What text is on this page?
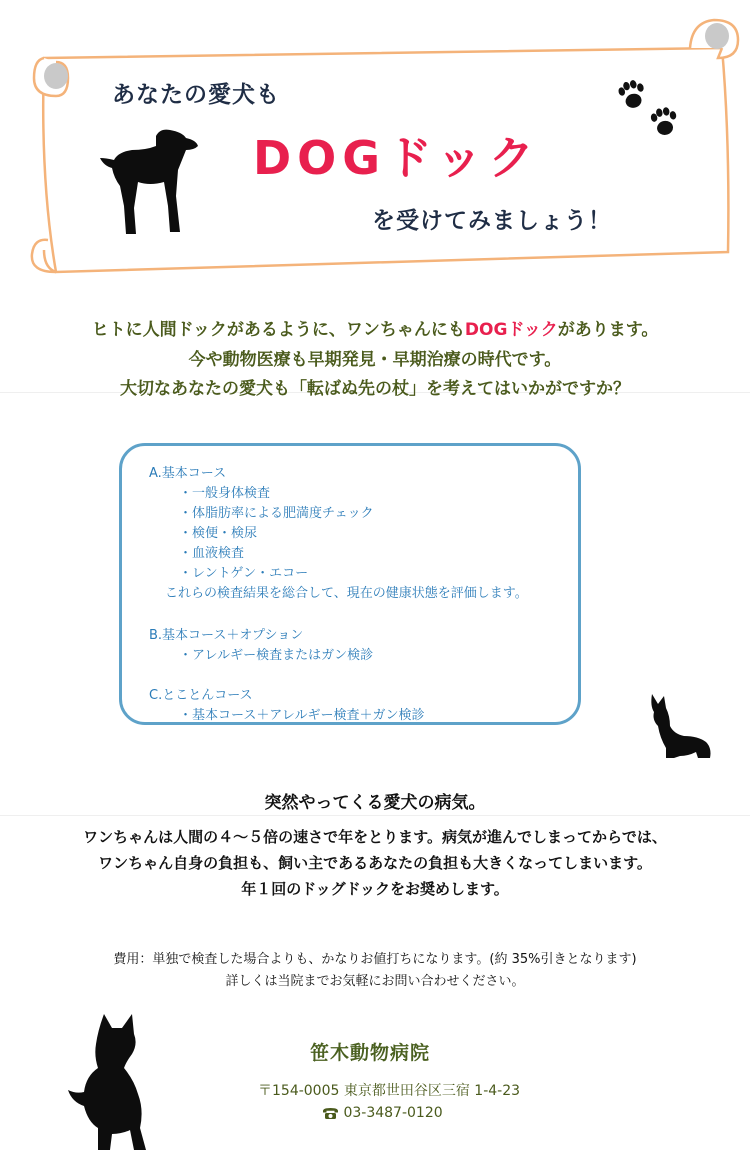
あなたの愛犬も
DOGドック
を受けてみましょう！
ヒトに人間ドックがあるように、ワンちゃんにもDOGドックがあります。
今や動物医療も早期発見・早期治療の時代です。
大切なあなたの愛犬も「転ばぬ先の杖」を考えてはいかがですか？
A.基本コース
・一般身体検査
・体脂肪率による肥満度チェック
・検便・検尿
・血液検査
・レントゲン・エコー
これらの検査結果を総合して、現在の健康状態を評価します。
B.基本コース＋オプション
・アレルギー検査またはガン検診
C.とことんコース
・基本コース＋アレルギー検査＋ガン検診
突然やってくる愛犬の病気。
ワンちゃんは人間の４～５倍の速さで年をとります。病気が進んでしまってからでは、
ワンちゃん自身の負担も、飼い主であるあなたの負担も大きくなってしまいます。
年１回のドッグドックをお奨めします。
費用：単独で検査した場合よりも、かなりお値打ちになります。(約 35%引きとなります)
詳しくは当院までお気軽にお問い合わせください。
笹木動物病院
〒154-0005 東京都世田谷区三宿 1-4-23
03-3487-0120
